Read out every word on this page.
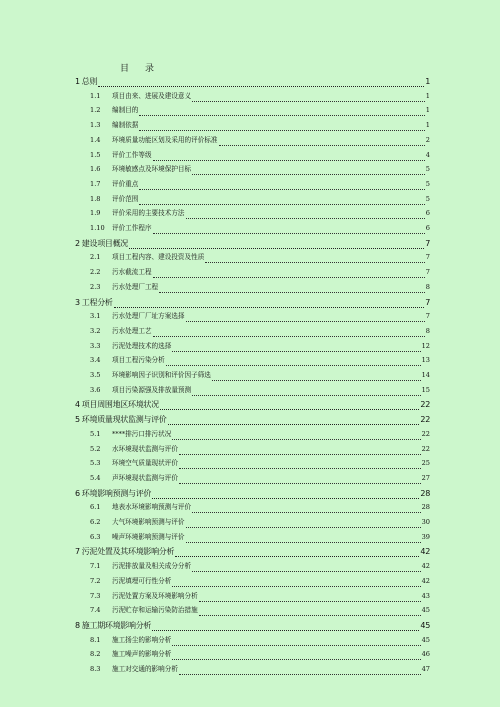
目 录
1 总则	1
1.1	项目由来、进展及建设意义	1
1.2	编制目的	1
1.3	编制依据	1
1.4	环境质量功能区划及采用的评价标准	2
1.5	评价工作等级	4
1.6	环境敏感点及环境保护目标	5
1.7	评价重点	5
1.8	评价范围	5
1.9	评价采用的主要技术方法	6
1.10	评价工作程序	6
2 建设项目概况	7
2.1	项目工程内容、建设投资及性质	7
2.2	污水截流工程	7
2.3	污水处理厂工程	8
3 工程分析	7
3.1	污水处理厂厂址方案选择	7
3.2	污水处理工艺	8
3.3	污泥处理技术的选择	12
3.4	项目工程污染分析	13
3.5	环境影响因子识别和评价因子筛选	14
3.6	项目污染源强及排放量预测	15
4 项目周围地区环境状况	22
5 环境质量现状监测与评价	22
5.1	****排污口排污状况	22
5.2	水环境现状监测与评价	22
5.3	环境空气质量现状评价	25
5.4	声环境现状监测与评价	27
6 环境影响预测与评价	28
6.1	地表水环境影响预测与评价	28
6.2	大气环境影响预测与评价	30
6.3	噪声环境影响预测与评价	39
7 污泥处置及其环境影响分析	42
7.1	污泥排放量及相关成分分析	42
7.2	污泥填埋可行性分析	42
7.3	污泥处置方案及环境影响分析	43
7.4	污泥贮存和运输污染防治措施	45
8 施工期环境影响分析	45
8.1	施工扬尘的影响分析	45
8.2	施工噪声的影响分析	46
8.3	施工对交通的影响分析	47
